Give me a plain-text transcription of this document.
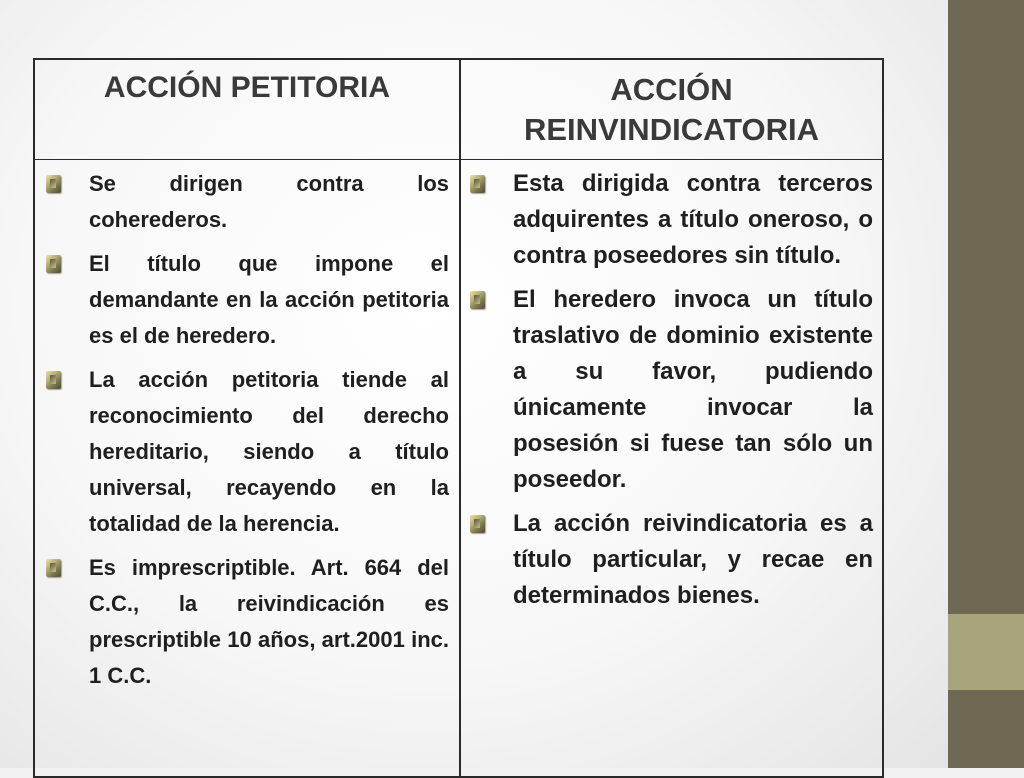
ACCIÓN PETITORIA	ACCIÓN REINVINDICATORIA
Se dirigen contra los coherederos.
El título que impone el demandante en la acción petitoria es el de heredero.
La acción petitoria tiende al reconocimiento del derecho hereditario, siendo a título universal, recayendo en la totalidad de la herencia.
Es imprescriptible. Art. 664 del C.C., la reivindicación es prescriptible 10 años, art.2001 inc. 1 C.C.
Esta dirigida contra terceros adquirentes a título oneroso, o contra poseedores sin título.
El heredero invoca un título traslativo de dominio existente a su favor, pudiendo únicamente invocar la posesión si fuese tan sólo un poseedor.
La acción reivindicatoria es a título particular, y recae en determinados bienes.
